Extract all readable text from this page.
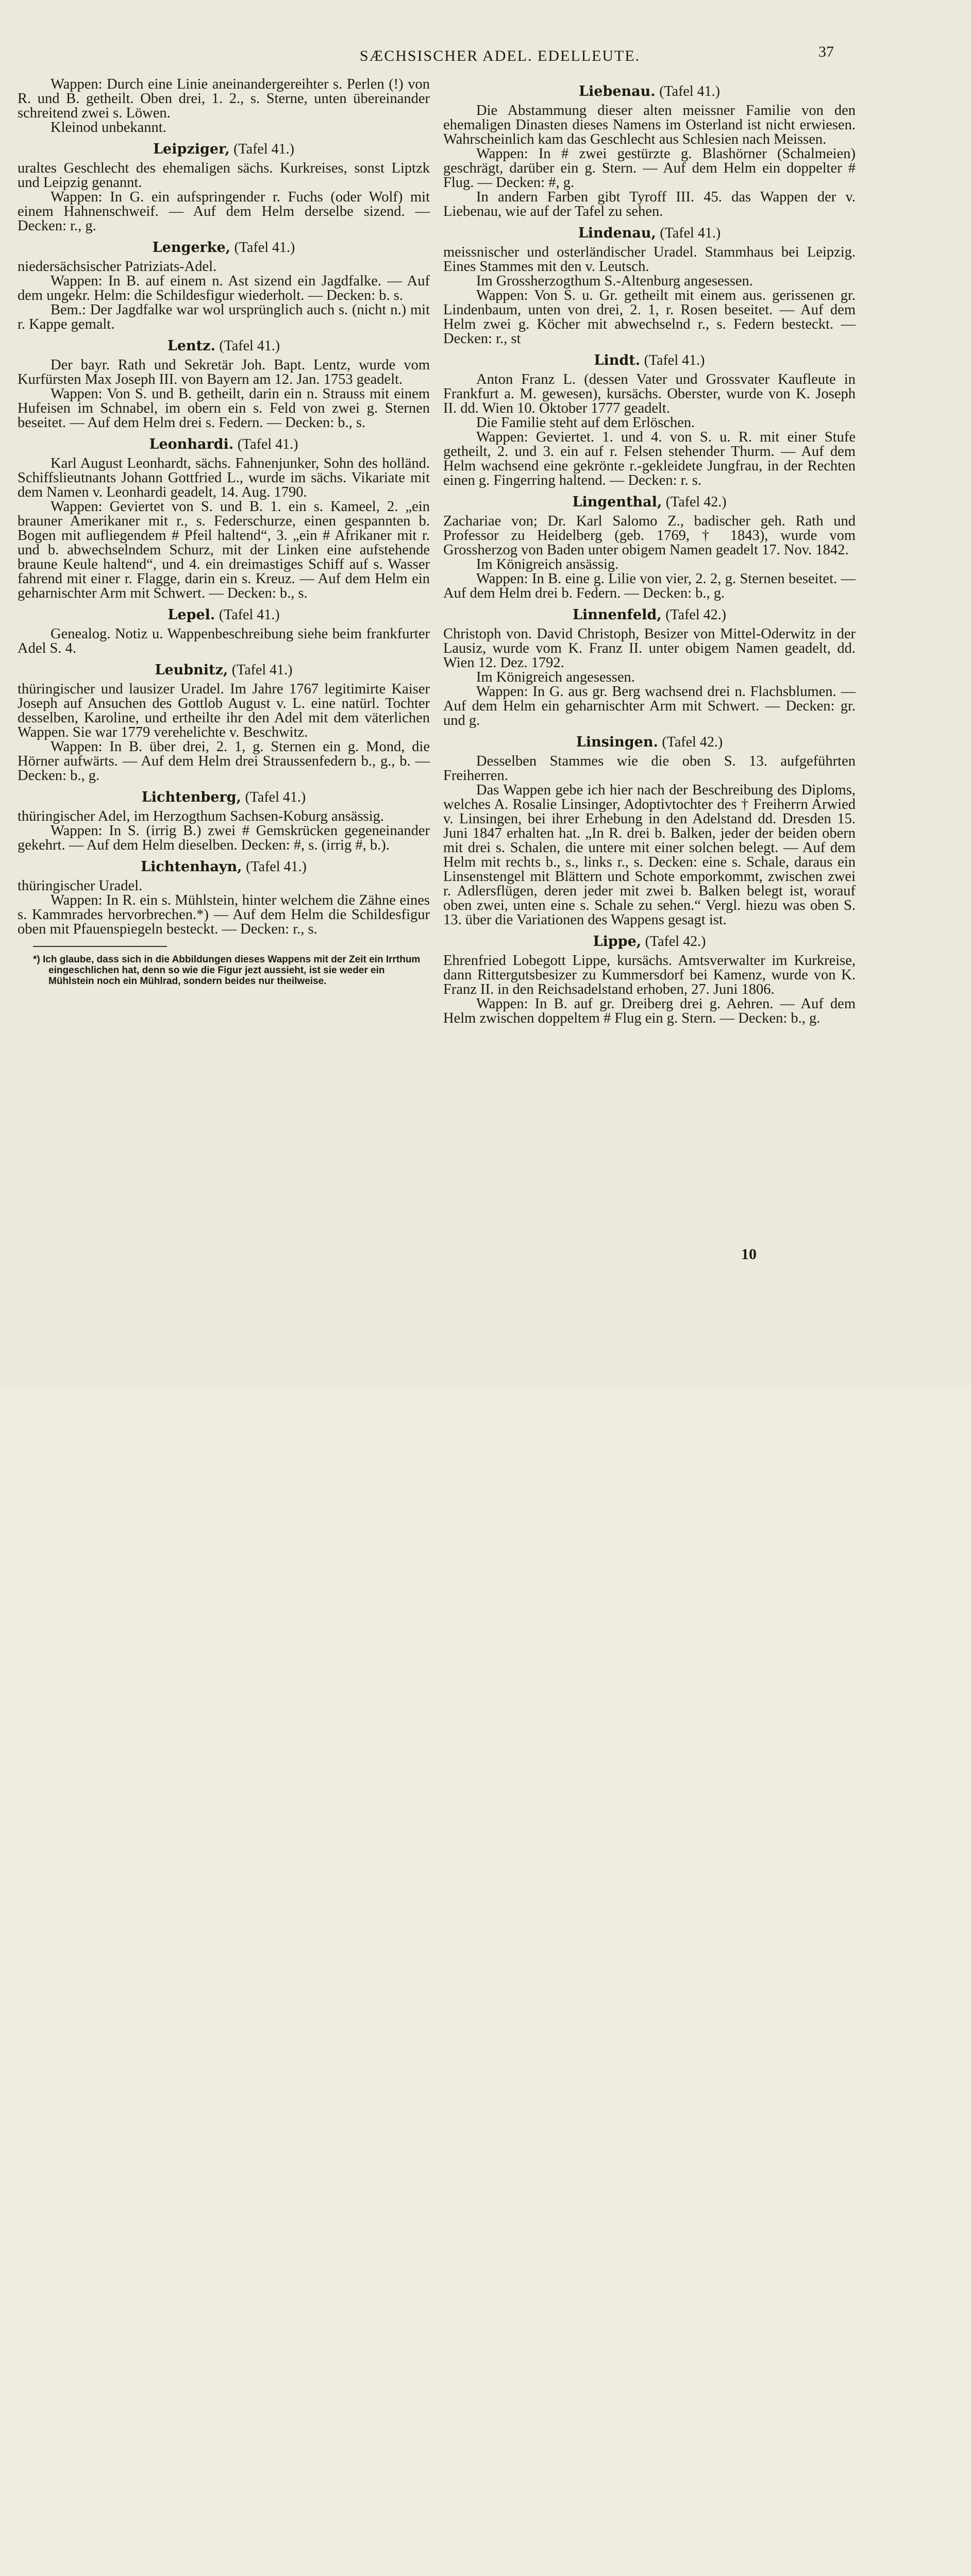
SÆCHSISCHER ADEL. EDELLEUTE.	37

Wappen: Durch eine Linie aneinandergereihter s. Perlen (!) von R. und B. getheilt. Oben drei, 1. 2., s. Sterne, unten übereinander schreitend zwei s. Löwen.

Kleinod unbekannt.

Leipziger, (Tafel 41.)

uraltes Geschlecht des ehemaligen sächs. Kurkreises, sonst Liptzk und Leipzig genannt.

Wappen: In G. ein aufspringender r. Fuchs (oder Wolf) mit einem Hahnenschweif. — Auf dem Helm derselbe sizend. — Decken: r., g.

Lengerke, (Tafel 41.)

niedersächsischer Patriziats-Adel.

Wappen: In B. auf einem n. Ast sizend ein Jagdfalke. — Auf dem ungekr. Helm: die Schildesfigur wiederholt. — Decken: b. s.

Bem.: Der Jagdfalke war wol ursprünglich auch s. (nicht n.) mit r. Kappe gemalt.

Lentz. (Tafel 41.)

Der bayr. Rath und Sekretär Joh. Bapt. Lentz, wurde vom Kurfürsten Max Joseph III. von Bayern am 12. Jan. 1753 geadelt.

Wappen: Von S. und B. getheilt, darin ein n. Strauss mit einem Hufeisen im Schnabel, im obern ein s. Feld von zwei g. Sternen beseitet. — Auf dem Helm drei s. Federn. — Decken: b., s.

Leonhardi. (Tafel 41.)

Karl August Leonhardt, sächs. Fahnenjunker, Sohn des holländ. Schiffslieutnants Johann Gottfried L., wurde im sächs. Vikariate mit dem Namen v. Leonhardi geadelt, 14. Aug. 1790.

Wappen: Geviertet von S. und B. 1. ein s. Kameel, 2. „ein brauner Amerikaner mit r., s. Federschurze, einen gespannten b. Bogen mit aufliegendem # Pfeil haltend“, 3. „ein # Afrikaner mit r. und b. abwechselndem Schurz, mit der Linken eine aufstehende braune Keule haltend“, und 4. ein dreimastiges Schiff auf s. Wasser fahrend mit einer r. Flagge, darin ein s. Kreuz. — Auf dem Helm ein geharnischter Arm mit Schwert. — Decken: b., s.

Lepel. (Tafel 41.)

Genealog. Notiz u. Wappenbeschreibung siehe beim frankfurter Adel S. 4.

Leubnitz, (Tafel 41.)

thüringischer und lausizer Uradel. Im Jahre 1767 legitimirte Kaiser Joseph auf Ansuchen des Gottlob August v. L. eine natürl. Tochter desselben, Karoline, und ertheilte ihr den Adel mit dem väterlichen Wappen. Sie war 1779 verehelichte v. Beschwitz.

Wappen: In B. über drei, 2. 1, g. Sternen ein g. Mond, die Hörner aufwärts. — Auf dem Helm drei Straussenfedern b., g., b. — Decken: b., g.

Lichtenberg, (Tafel 41.)

thüringischer Adel, im Herzogthum Sachsen-Koburg ansässig.

Wappen: In S. (irrig B.) zwei # Gemskrücken gegeneinander gekehrt. — Auf dem Helm dieselben. Decken: #, s. (irrig #, b.).

Lichtenhayn, (Tafel 41.)

thüringischer Uradel.

Wappen: In R. ein s. Mühlstein, hinter welchem die Zähne eines s. Kammrades hervorbrechen.*) — Auf dem Helm die Schildesfigur oben mit Pfauenspiegeln besteckt. — Decken: r., s.

*) Ich glaube, dass sich in die Abbildungen dieses Wappens mit der Zeit ein Irrthum eingeschlichen hat, denn so wie die Figur jezt aussieht, ist sie weder ein Mühlstein noch ein Mühlrad, sondern beides nur theilweise.
Liebenau. (Tafel 41.)

Die Abstammung dieser alten meissner Familie von den ehemaligen Dinasten dieses Namens im Osterland ist nicht erwiesen. Wahrscheinlich kam das Geschlecht aus Schlesien nach Meissen.

Wappen: In # zwei gestürzte g. Blashörner (Schalmeien) geschrägt, darüber ein g. Stern. — Auf dem Helm ein doppelter # Flug. — Decken: #, g.

In andern Farben gibt Tyroff III. 45. das Wappen der v. Liebenau, wie auf der Tafel zu sehen.

Lindenau, (Tafel 41.)

meissnischer und osterländischer Uradel. Stammhaus bei Leipzig. Eines Stammes mit den v. Leutsch.

Im Grossherzogthum S.-Altenburg angesessen.

Wappen: Von S. u. Gr. getheilt mit einem aus. gerissenen gr. Lindenbaum, unten von drei, 2. 1, r. Rosen beseitet. — Auf dem Helm zwei g. Köcher mit abwechselnd r., s. Federn besteckt. — Decken: r., st

Lindt. (Tafel 41.)

Anton Franz L. (dessen Vater und Grossvater Kaufleute in Frankfurt a. M. gewesen), kursächs. Oberster, wurde von K. Joseph II. dd. Wien 10. Oktober 1777 geadelt.

Die Familie steht auf dem Erlöschen.

Wappen: Geviertet. 1. und 4. von S. u. R. mit einer Stufe getheilt, 2. und 3. ein auf r. Felsen stehender Thurm. — Auf dem Helm wachsend eine gekrönte r.-gekleidete Jungfrau, in der Rechten einen g. Fingerring haltend. — Decken: r. s.

Lingenthal, (Tafel 42.)

Zachariae von; Dr. Karl Salomo Z., badischer geh. Rath und Professor zu Heidelberg (geb. 1769, † 1843), wurde vom Grossherzog von Baden unter obigem Namen geadelt 17. Nov. 1842.

Im Königreich ansässig.

Wappen: In B. eine g. Lilie von vier, 2. 2, g. Sternen beseitet. — Auf dem Helm drei b. Federn. — Decken: b., g.

Linnenfeld, (Tafel 42.)

Christoph von. David Christoph, Besizer von Mittel-Oderwitz in der Lausiz, wurde vom K. Franz II. unter obigem Namen geadelt, dd. Wien 12. Dez. 1792.

Im Königreich angesessen.

Wappen: In G. aus gr. Berg wachsend drei n. Flachsblumen. — Auf dem Helm ein geharnischter Arm mit Schwert. — Decken: gr. und g.

Linsingen. (Tafel 42.)

Desselben Stammes wie die oben S. 13. aufgeführten Freiherren.

Das Wappen gebe ich hier nach der Beschreibung des Diploms, welches A. Rosalie Linsinger, Adoptivtochter des † Freiherrn Arwied v. Linsingen, bei ihrer Erhebung in den Adelstand dd. Dresden 15. Juni 1847 erhalten hat. „In R. drei b. Balken, jeder der beiden obern mit drei s. Schalen, die untere mit einer solchen belegt. — Auf dem Helm mit rechts b., s., links r., s. Decken: eine s. Schale, daraus ein Linsenstengel mit Blättern und Schote emporkommt, zwischen zwei r. Adlersflügen, deren jeder mit zwei b. Balken belegt ist, worauf oben zwei, unten eine s. Schale zu sehen.“ Vergl. hiezu was oben S. 13. über die Variationen des Wappens gesagt ist.

Lippe, (Tafel 42.)

Ehrenfried Lobegott Lippe, kursächs. Amtsverwalter im Kurkreise, dann Rittergutsbesizer zu Kummersdorf bei Kamenz, wurde von K. Franz II. in den Reichsadelstand erhoben, 27. Juni 1806.

Wappen: In B. auf gr. Dreiberg drei g. Aehren. — Auf dem Helm zwischen doppeltem # Flug ein g. Stern. — Decken: b., g.

10
